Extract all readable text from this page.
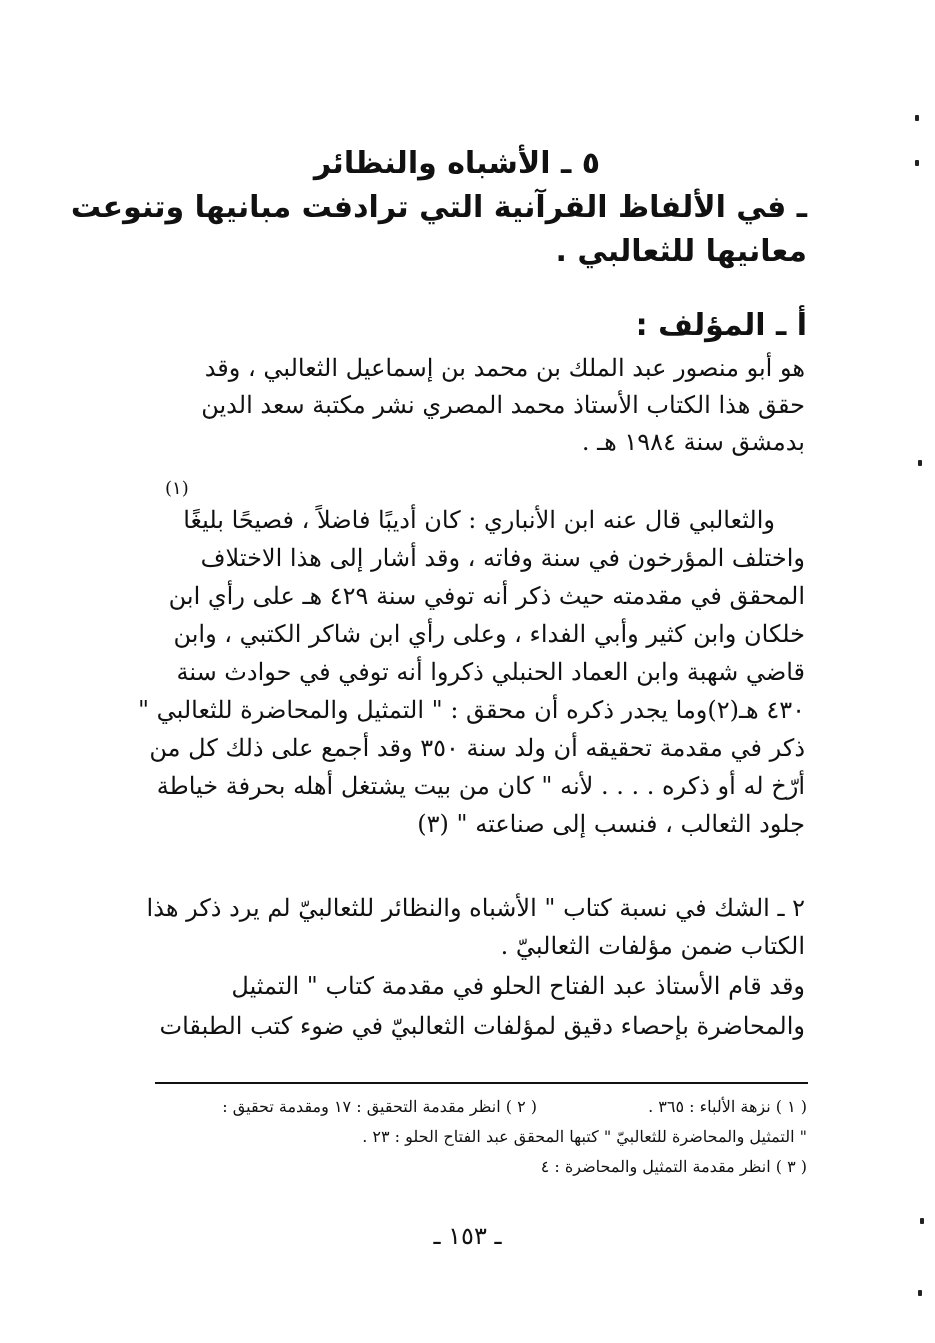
٥ ـ الأشباه والنظائر
ـ في الألفاظ القرآنية التي ترادفت مبانيها وتنوعت
معانيها للثعالبي .
أ ـ المؤلف :
هو أبو منصور عبد الملك بن محمد بن إسماعيل الثعالبي ، وقد
حقق هذا الكتاب الأستاذ محمد المصري نشر مكتبة سعد الدين
بدمشق سنة ١٩٨٤ هـ .
(١)
والثعالبي قال عنه ابن الأنباري : كان أديبًا فاضلاً ، فصيحًا بليغًا
واختلف المؤرخون في سنة وفاته ، وقد أشار إلى هذا الاختلاف
المحقق في مقدمته حيث ذكر أنه توفي سنة ٤٢٩ هـ على رأي ابن
خلكان وابن كثير وأبي الفداء ، وعلى رأي ابن شاكر الكتبي ، وابن
قاضي شهبة وابن العماد الحنبلي ذكروا أنه توفي في حوادث سنة
٤٣٠ هـ(٢)وما يجدر ذكره أن محقق : " التمثيل والمحاضرة للثعالبي "
ذكر في مقدمة تحقيقه أن ولد سنة ٣٥٠ وقد أجمع على ذلك كل من
أرّخ له أو ذكره . . . . لأنه " كان من بيت يشتغل أهله بحرفة خياطة
جلود الثعالب ، فنسب إلى صناعته " (٣)
٢ ـ الشك في نسبة كتاب " الأشباه والنظائر للثعالبيّ لم يرد ذكر هذا
الكتاب ضمن مؤلفات الثعالبيّ .
وقد قام الأستاذ عبد الفتاح الحلو في مقدمة كتاب " التمثيل
والمحاضرة بإحصاء دقيق لمؤلفات الثعالبيّ في ضوء كتب الطبقات
( ١ ) نزهة الألباء : ٣٦٥ .
( ٢ ) انظر مقدمة التحقيق : ١٧ ومقدمة تحقيق :
" التمثيل والمحاضرة للثعالبيّ " كتبها المحقق عبد الفتاح الحلو : ٢٣ .
( ٣ ) انظر مقدمة التمثيل والمحاضرة : ٤
ـ ١٥٣ ـ
